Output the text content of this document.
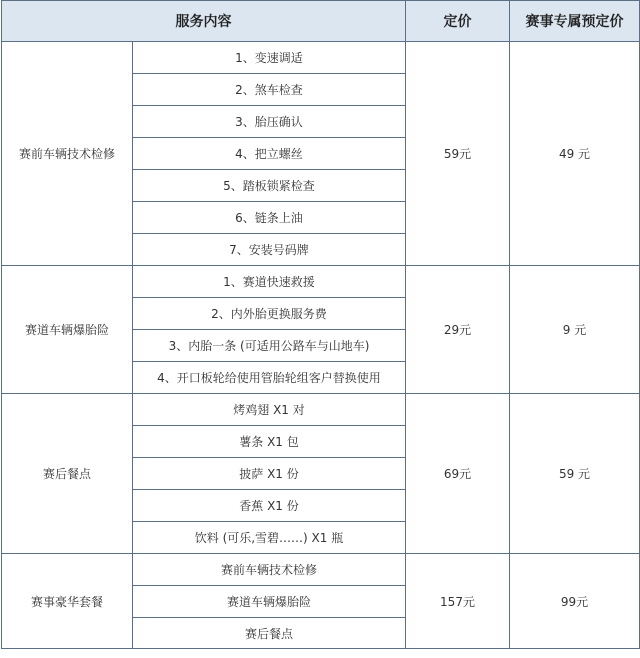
服务内容		定价	赛事专属预定价
赛前车辆技术检修	1、变速调适	59元	49 元
	2、煞车检查		
	3、胎压确认		
	4、把立螺丝		
	5、踏板锁紧检查		
	6、链条上油		
	7、安装号码牌		
赛道车辆爆胎险	1、赛道快速救援	29元	9 元
	2、内外胎更换服务费		
	3、内胎一条 (可适用公路车与山地车)		
	4、开口板轮给使用管胎轮组客户替换使用		
赛后餐点	烤鸡翅 X1 对	69元	59 元
	薯条 X1 包		
	披萨 X1 份		
	香蕉 X1 份		
	饮料 (可乐,雪碧……) X1 瓶		
赛事豪华套餐	赛前车辆技术检修	157元	99元
	赛道车辆爆胎险		
	赛后餐点		
